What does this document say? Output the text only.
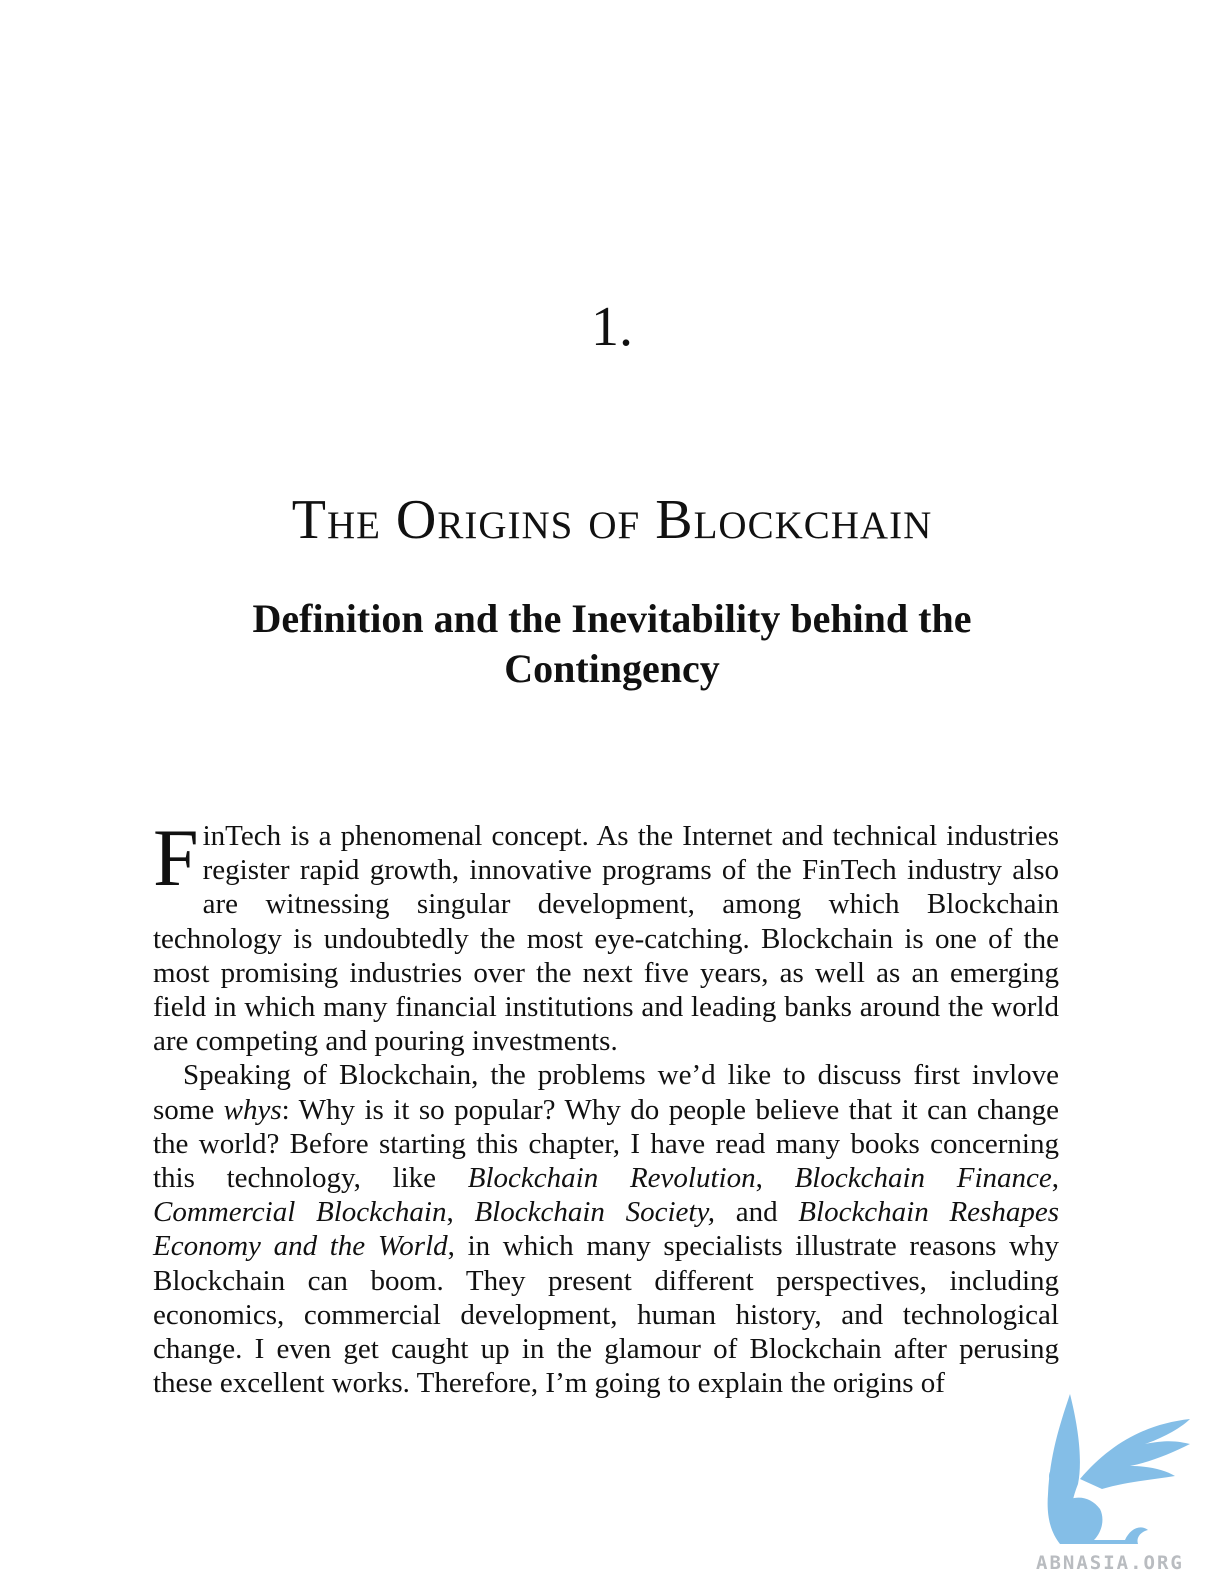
1.
The Origins of Blockchain
Definition and the Inevitability behind the Contingency

FinTech is a phenomenal concept. As the Internet and technical industries register rapid growth, innovative programs of the FinTech industry also are witnessing singular development, among which Blockchain technology is undoubtedly the most eye-catching. Blockchain is one of the most promising industries over the next five years, as well as an emerging field in which many financial institutions and leading banks around the world are competing and pouring investments.

Speaking of Blockchain, the problems we’d like to discuss first invlove some whys: Why is it so popular? Why do people believe that it can change the world? Before starting this chapter, I have read many books concerning this technology, like Blockchain Revolution, Blockchain Finance, Commercial Blockchain, Blockchain Society, and Blockchain Reshapes Economy and the World, in which many specialists illustrate reasons why Blockchain can boom. They present different perspectives, including economics, commercial development, human history, and technological change. I even get caught up in the glamour of Blockchain after perusing these excellent works. Therefore, I’m going to explain the origins of

ABNASIA.ORG
